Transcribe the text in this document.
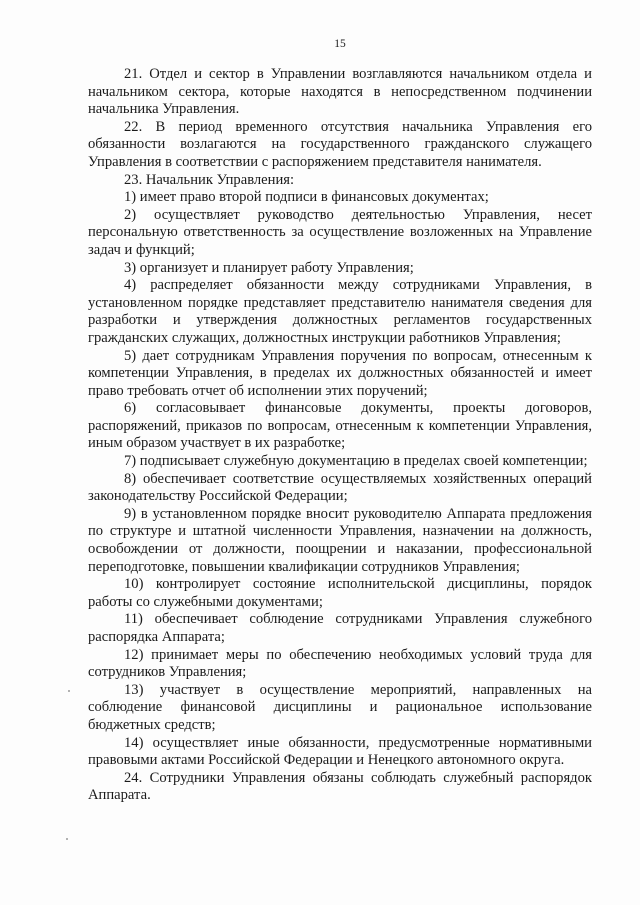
15

21. Отдел и сектор в Управлении возглавляются начальником отдела и начальником сектора, которые находятся в непосредственном подчинении начальника Управления.

22. В период временного отсутствия начальника Управления его обязанности возлагаются на государственного гражданского служащего Управления в соответствии с распоряжением представителя нанимателя.

23. Начальник Управления:

1) имеет право второй подписи в финансовых документах;

2) осуществляет руководство деятельностью Управления, несет персональную ответственность за осуществление возложенных на Управление задач и функций;

3) организует и планирует работу Управления;

4) распределяет обязанности между сотрудниками Управления, в установленном порядке представляет представителю нанимателя сведения для разработки и утверждения должностных регламентов государственных гражданских служащих, должностных инструкции работников Управления;

5) дает сотрудникам Управления поручения по вопросам, отнесенным к компетенции Управления, в пределах их должностных обязанностей и имеет право требовать отчет об исполнении этих поручений;

6) согласовывает финансовые документы, проекты договоров, распоряжений, приказов по вопросам, отнесенным к компетенции Управления, иным образом участвует в их разработке;

7) подписывает служебную документацию в пределах своей компетенции;

8) обеспечивает соответствие осуществляемых хозяйственных операций законодательству Российской Федерации;

9) в установленном порядке вносит руководителю Аппарата предложения по структуре и штатной численности Управления, назначении на должность, освобождении от должности, поощрении и наказании, профессиональной переподготовке, повышении квалификации сотрудников Управления;

10) контролирует состояние исполнительской дисциплины, порядок работы со служебными документами;

11) обеспечивает соблюдение сотрудниками Управления служебного распорядка Аппарата;

12) принимает меры по обеспечению необходимых условий труда для сотрудников Управления;

13) участвует в осуществление мероприятий, направленных на соблюдение финансовой дисциплины и рациональное использование бюджетных средств;

14) осуществляет иные обязанности, предусмотренные нормативными правовыми актами Российской Федерации и Ненецкого автономного округа.

24. Сотрудники Управления обязаны соблюдать служебный распорядок Аппарата.
